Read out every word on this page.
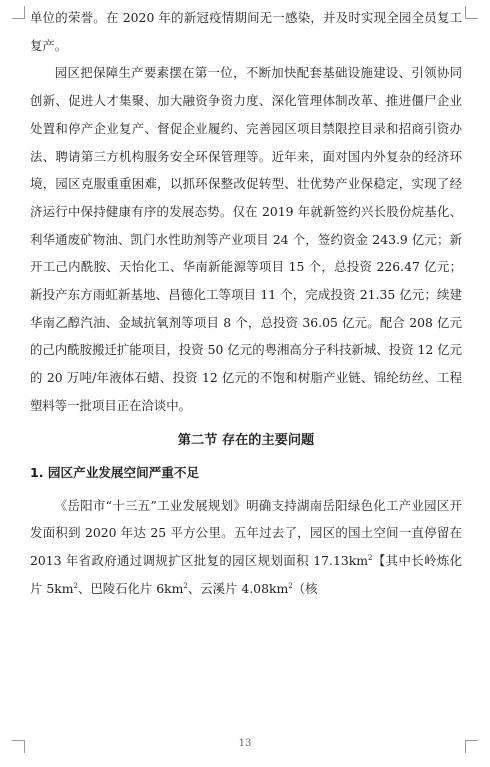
单位的荣誉。在 2020 年的新冠疫情期间无一感染，并及时实现全园全员复工复产。

园区把保障生产要素摆在第一位，不断加快配套基础设施建设、引领协同创新、促进人才集聚、加大融资争资力度、深化管理体制改革、推进僵尸企业处置和停产企业复产、督促企业履约、完善园区项目禁限控目录和招商引资办法、聘请第三方机构服务安全环保管理等。近年来，面对国内外复杂的经济环境，园区克服重重困难，以抓环保整改促转型、壮优势产业保稳定，实现了经济运行中保持健康有序的发展态势。仅在 2019 年就新签约兴长股份烷基化、利华通废矿物油、凯门水性助剂等产业项目 24 个，签约资金 243.9 亿元；新开工己内酰胺、天怡化工、华南新能源等项目 15 个，总投资 226.47 亿元；新投产东方雨虹新基地、昌德化工等项目 11 个，完成投资 21.35 亿元；续建华南乙醇汽油、金域抗氧剂等项目 8 个，总投资 36.05 亿元。配合 208 亿元的己内酰胺搬迁扩能项目，投资 50 亿元的粤湘高分子科技新城、投资 12 亿元的 20 万吨/年液体石蜡、投资 12 亿元的不饱和树脂产业链、锦纶纺丝、工程塑料等一批项目正在洽谈中。

第二节 存在的主要问题
1. 园区产业发展空间严重不足

《岳阳市“十三五”工业发展规划》明确支持湖南岳阳绿色化工产业园区开发面积到 2020 年达 25 平方公里。五年过去了，园区的国土空间一直停留在 2013 年省政府通过调规扩区批复的园区规划面积 $17.13km^2$【其中长岭炼化片 $5km^2$、巴陵石化片 $6km^2$、云溪片 $4.08km^2$（核

13
